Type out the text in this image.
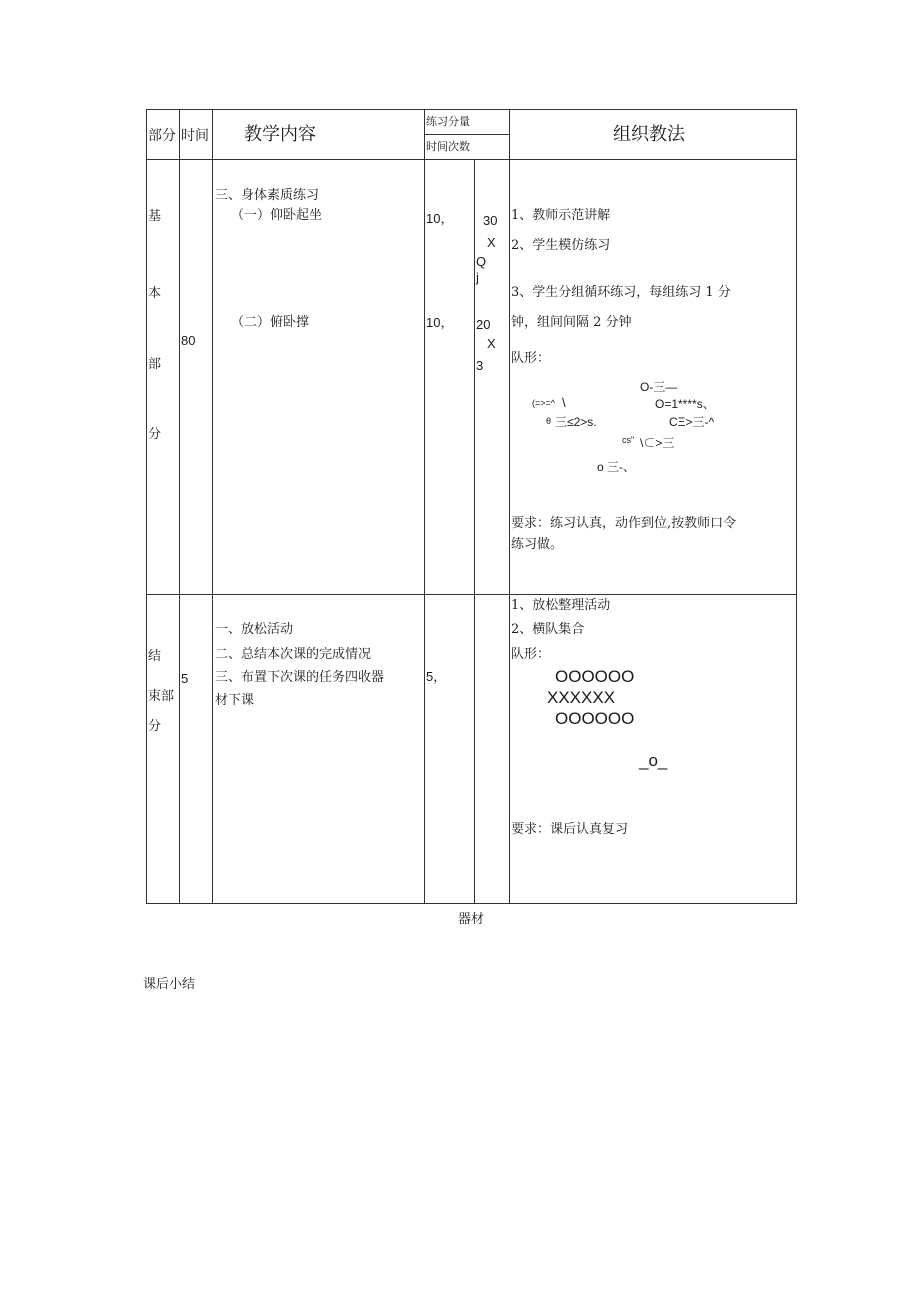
部分 时间 教学内容
练习分量
时间次数
组织教法
基
本
部
分
80
三、身体素质练习
（一）仰卧起坐
（二）俯卧撑
10，
10，
30
X
Q
j
20
X
3
1、教师示范讲解
2、学生模仿练习
3、学生分组循环练习，每组练习 1 分
钟，组间间隔 2 分钟
队形：
O-三—
(=>=^ \	O=1****s、
θ 三≤2>s.	CΞ>三-^
cs" \⊂>三
o 三-、
要求：练习认真，动作到位,按教师口令
练习做。
结
束部
分
5
一、放松活动
二、总结本次课的完成情况
三、布置下次课的任务四收器
材下课
5，
1、放松整理活动
2、横队集合
队形：
OOOOOO
XXXXXX
OOOOOO
_o_
要求：课后认真复习
器材
课后小结
